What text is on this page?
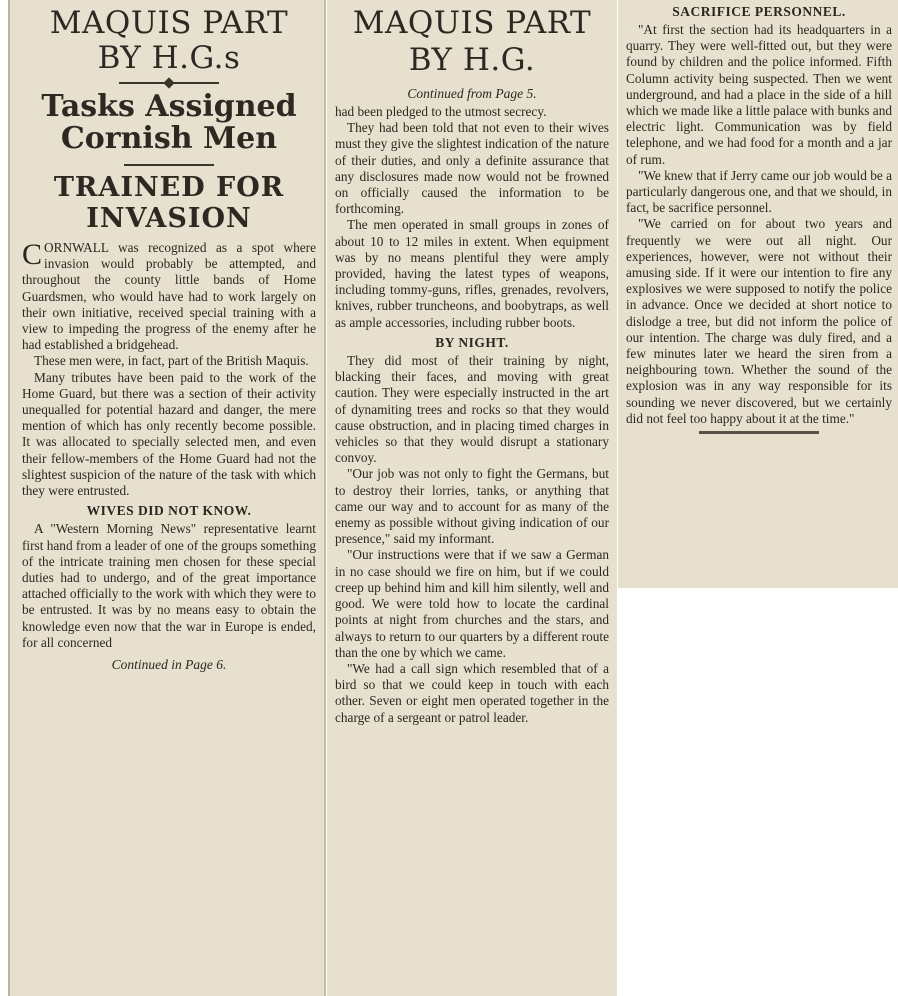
MAQUIS PART
BY H.G.s
Tasks Assigned
Cornish Men
TRAINED FOR
INVASION

CORNWALL was recognized as a spot where invasion would probably be attempted, and throughout the county little bands of Home Guardsmen, who would have had to work largely on their own initiative, received special training with a view to impeding the progress of the enemy after he had established a bridgehead.

These men were, in fact, part of the British Maquis.

Many tributes have been paid to the work of the Home Guard, but there was a section of their activity unequalled for potential hazard and danger, the mere mention of which has only recently become possible. It was allocated to specially selected men, and even their fellow-members of the Home Guard had not the slightest suspicion of the nature of the task with which they were entrusted.

WIVES DID NOT KNOW.

A "Western Morning News" representative learnt first hand from a leader of one of the groups something of the intricate training men chosen for these special duties had to undergo, and of the great importance attached officially to the work with which they were to be entrusted. It was by no means easy to obtain the knowledge even now that the war in Europe is ended, for all concerned

Continued in Page 6.
MAQUIS PART
BY H.G.
Continued from Page 5.

had been pledged to the utmost secrecy.

They had been told that not even to their wives must they give the slightest indication of the nature of their duties, and only a definite assurance that any disclosures made now would not be frowned on officially caused the information to be forthcoming.

The men operated in small groups in zones of about 10 to 12 miles in extent. When equipment was by no means plentiful they were amply provided, having the latest types of weapons, including tommy-guns, rifles, grenades, revolvers, knives, rubber truncheons, and boobytraps, as well as ample accessories, including rubber boots.

BY NIGHT.

They did most of their training by night, blacking their faces, and moving with great caution. They were especially instructed in the art of dynamiting trees and rocks so that they would cause obstruction, and in placing timed charges in vehicles so that they would disrupt a stationary convoy.

"Our job was not only to fight the Germans, but to destroy their lorries, tanks, or anything that came our way and to account for as many of the enemy as possible without giving indication of our presence," said my informant.

"Our instructions were that if we saw a German in no case should we fire on him, but if we could creep up behind him and kill him silently, well and good. We were told how to locate the cardinal points at night from churches and the stars, and always to return to our quarters by a different route than the one by which we came.

"We had a call sign which resembled that of a bird so that we could keep in touch with each other. Seven or eight men operated together in the charge of a sergeant or patrol leader.

SACRIFICE PERSONNEL.

"At first the section had its headquarters in a quarry. They were well-fitted out, but they were found by children and the police informed. Fifth Column activity being suspected. Then we went underground, and had a place in the side of a hill which we made like a little palace with bunks and electric light. Communication was by field telephone, and we had food for a month and a jar of rum.

"We knew that if Jerry came our job would be a particularly dangerous one, and that we should, in fact, be sacrifice personnel.

"We carried on for about two years and frequently we were out all night. Our experiences, however, were not without their amusing side. If it were our intention to fire any explosives we were supposed to notify the police in advance. Once we decided at short notice to dislodge a tree, but did not inform the police of our intention. The charge was duly fired, and a few minutes later we heard the siren from a neighbouring town. Whether the sound of the explosion was in any way responsible for its sounding we never discovered, but we certainly did not feel too happy about it at the time."
